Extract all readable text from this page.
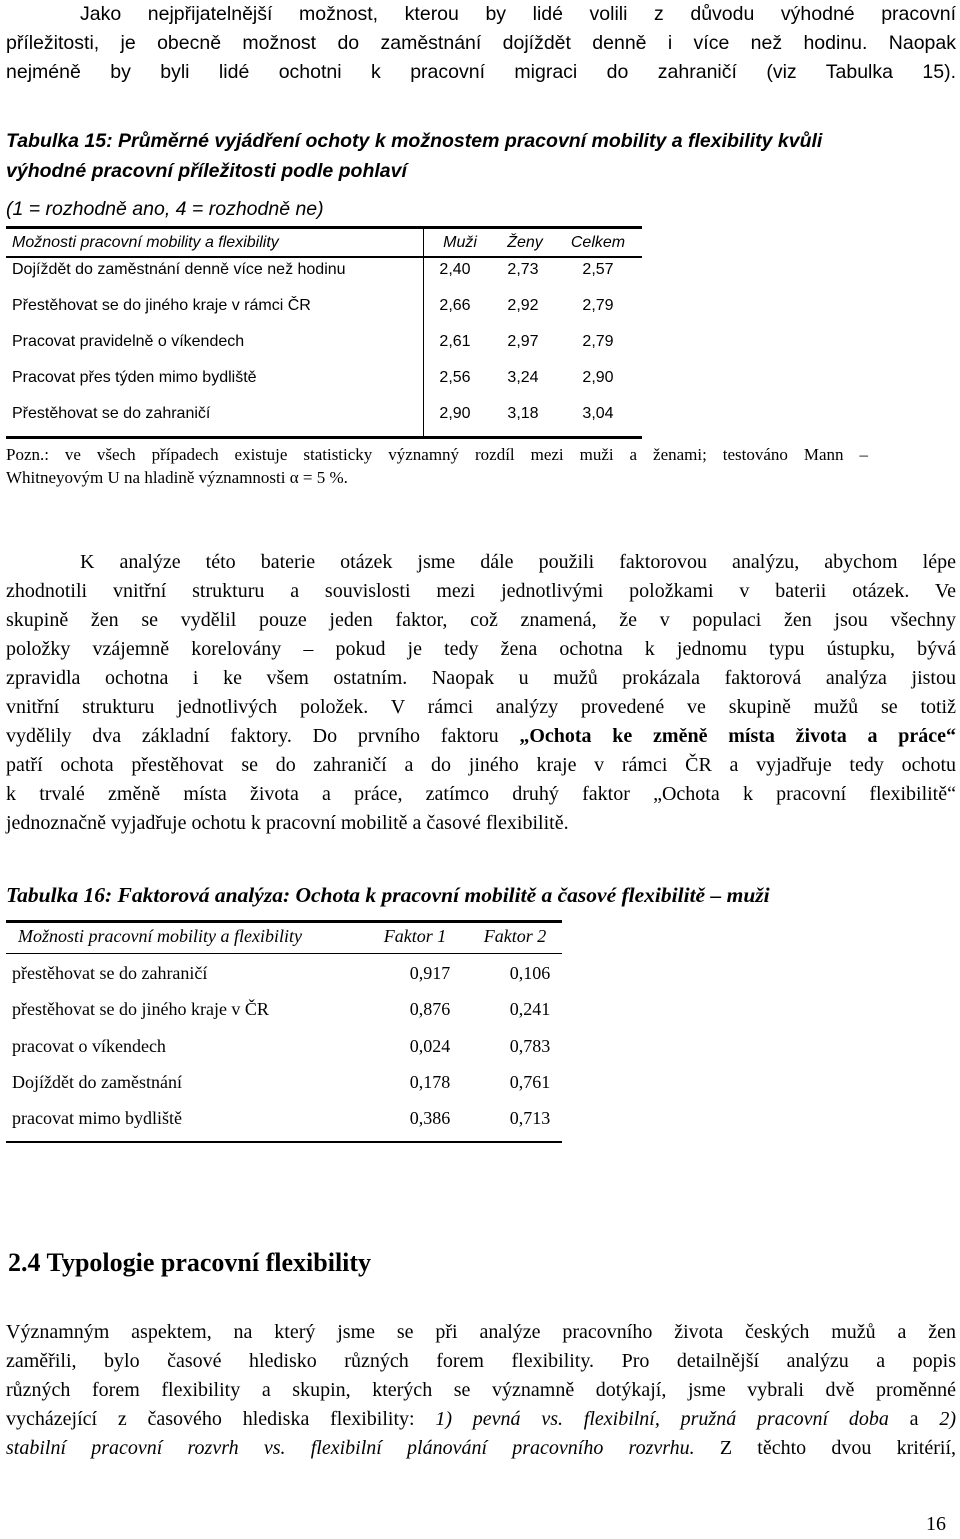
Jako nejpřijatelnější možnost, kterou by lidé volili z důvodu výhodné pracovní
příležitosti, je obecně možnost do zaměstnání dojíždět denně i více než hodinu. Naopak
nejméně by byli lidé ochotni k pracovní migraci do zahraničí (viz Tabulka 15).
Tabulka 15: Průměrné vyjádření ochoty k možnostem pracovní mobility a flexibility kvůli
výhodné pracovní příležitosti podle pohlaví
(1 = rozhodně ano, 4 = rozhodně ne)
Možnosti pracovní mobility a flexibility	Muži	Ženy	Celkem
Dojíždět do zaměstnání denně více než hodinu	2,40	2,73	2,57
Přestěhovat se do jiného kraje v rámci ČR	2,66	2,92	2,79
Pracovat pravidelně o víkendech	2,61	2,97	2,79
Pracovat přes týden mimo bydliště	2,56	3,24	2,90
Přestěhovat se do zahraničí	2,90	3,18	3,04
Pozn.: ve všech případech existuje statisticky významný rozdíl mezi muži a ženami; testováno Mann –
Whitneyovým U na hladině významnosti α = 5 %.
K analýze této baterie otázek jsme dále použili faktorovou analýzu, abychom lépe
zhodnotili vnitřní strukturu a souvislosti mezi jednotlivými položkami v baterii otázek. Ve
skupině žen se vydělil pouze jeden faktor, což znamená, že v populaci žen jsou všechny
položky vzájemně korelovány – pokud je tedy žena ochotna k jednomu typu ústupku, bývá
zpravidla ochotna i ke všem ostatním. Naopak u mužů prokázala faktorová analýza jistou
vnitřní strukturu jednotlivých položek. V rámci analýzy provedené ve skupině mužů se totiž
vydělily dva základní faktory. Do prvního faktoru „Ochota ke změně místa života a práce“
patří ochota přestěhovat se do zahraničí a do jiného kraje v rámci ČR a vyjadřuje tedy ochotu
k trvalé změně místa života a práce, zatímco druhý faktor „Ochota k pracovní flexibilitě“
jednoznačně vyjadřuje ochotu k pracovní mobilitě a časové flexibilitě.
Tabulka 16: Faktorová analýza: Ochota k pracovní mobilitě a časové flexibilitě – muži
Možnosti pracovní mobility a flexibility	Faktor 1	Faktor 2
přestěhovat se do zahraničí	0,917	0,106
přestěhovat se do jiného kraje v ČR	0,876	0,241
pracovat o víkendech	0,024	0,783
Dojíždět do zaměstnání	0,178	0,761
pracovat mimo bydliště	0,386	0,713
2.4 Typologie pracovní flexibility
Významným aspektem, na který jsme se při analýze pracovního života českých mužů a žen
zaměřili, bylo časové hledisko různých forem flexibility. Pro detailnější analýzu a popis
různých forem flexibility a skupin, kterých se významně dotýkají, jsme vybrali dvě proměnné
vycházející z časového hlediska flexibility: 1) pevná vs. flexibilní, pružná pracovní doba a 2)
stabilní pracovní rozvrh vs. flexibilní plánování pracovního rozvrhu. Z těchto dvou kritérií,
16
